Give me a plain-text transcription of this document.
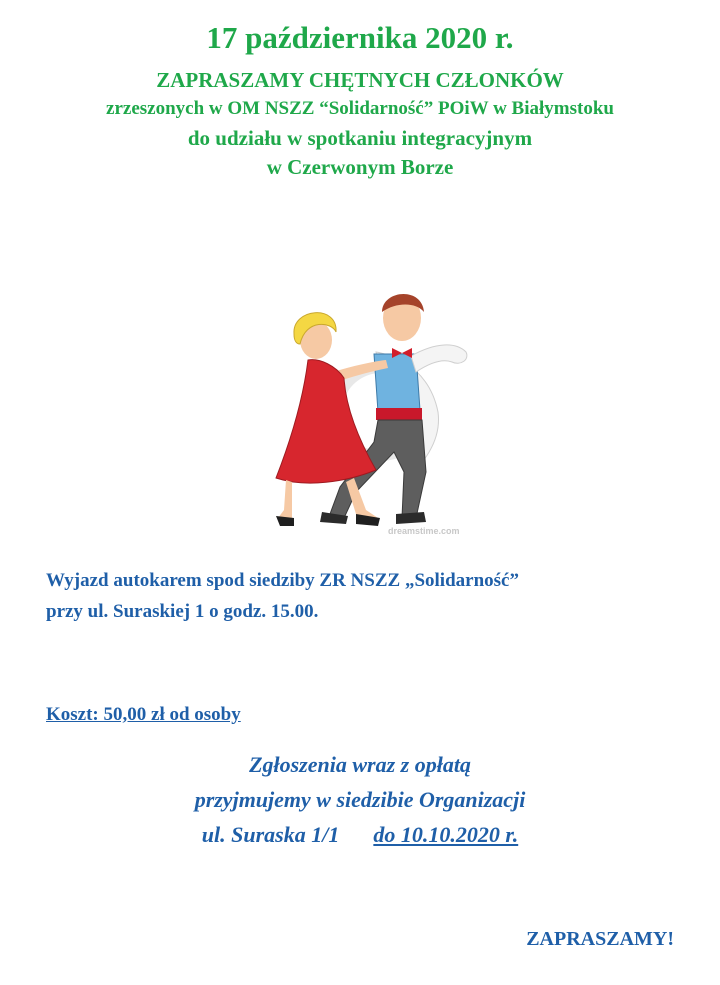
17 października 2020 r.
ZAPRASZAMY CHĘTNYCH CZŁONKÓW
zrzeszonych w OM NSZZ “Solidarność” POiW w Białymstoku
do udziału w spotkaniu integracyjnym
w Czerwonym Borze
dreamstime.com
Wyjazd autokarem spod siedziby ZR NSZZ „Solidarność”
przy ul. Suraskiej 1 o godz. 15.00.
Koszt: 50,00 zł od osoby
Zgłoszenia wraz z opłatą
przyjmujemy w siedzibie Organizacji
ul. Suraska 1/1 do 10.10.2020 r.
ZAPRASZAMY!
